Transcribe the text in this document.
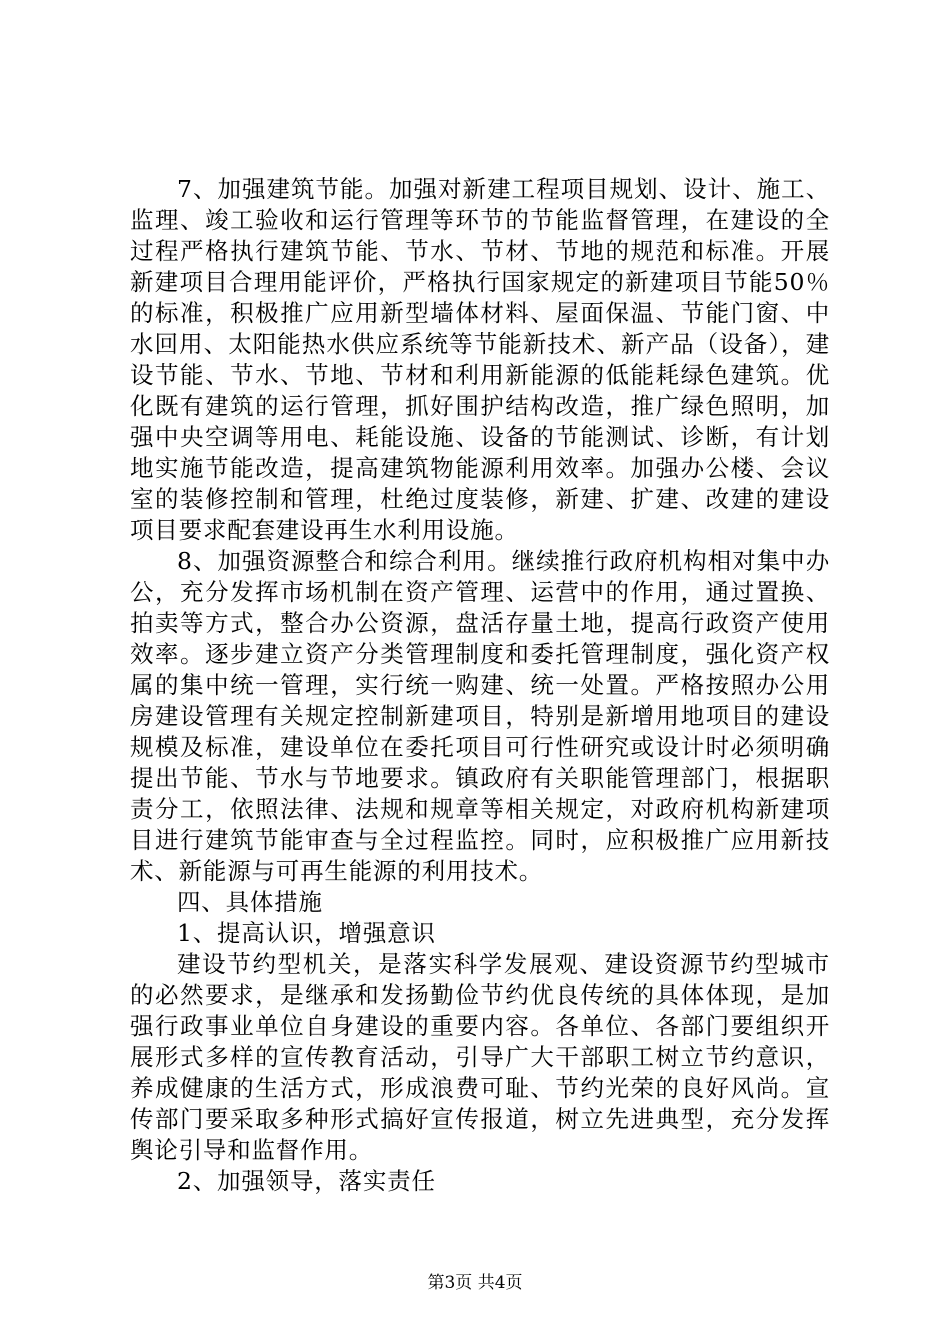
7、加强建筑节能。加强对新建工程项目规划、设计、施工、监理、竣工验收和运行管理等环节的节能监督管理，在建设的全过程严格执行建筑节能、节水、节材、节地的规范和标准。开展新建项目合理用能评价，严格执行国家规定的新建项目节能50％的标准，积极推广应用新型墙体材料、屋面保温、节能门窗、中水回用、太阳能热水供应系统等节能新技术、新产品（设备），建设节能、节水、节地、节材和利用新能源的低能耗绿色建筑。优化既有建筑的运行管理，抓好围护结构改造，推广绿色照明，加强中央空调等用电、耗能设施、设备的节能测试、诊断，有计划地实施节能改造，提高建筑物能源利用效率。加强办公楼、会议室的装修控制和管理，杜绝过度装修，新建、扩建、改建的建设项目要求配套建设再生水利用设施。

8、加强资源整合和综合利用。继续推行政府机构相对集中办公，充分发挥市场机制在资产管理、运营中的作用，通过置换、拍卖等方式，整合办公资源，盘活存量土地，提高行政资产使用效率。逐步建立资产分类管理制度和委托管理制度，强化资产权属的集中统一管理，实行统一购建、统一处置。严格按照办公用房建设管理有关规定控制新建项目，特别是新增用地项目的建设规模及标准，建设单位在委托项目可行性研究或设计时必须明确提出节能、节水与节地要求。镇政府有关职能管理部门，根据职责分工，依照法律、法规和规章等相关规定，对政府机构新建项目进行建筑节能审查与全过程监控。同时，应积极推广应用新技术、新能源与可再生能源的利用技术。

四、具体措施

1、提高认识，增强意识

建设节约型机关，是落实科学发展观、建设资源节约型城市的必然要求，是继承和发扬勤俭节约优良传统的具体体现，是加强行政事业单位自身建设的重要内容。各单位、各部门要组织开展形式多样的宣传教育活动，引导广大干部职工树立节约意识，养成健康的生活方式，形成浪费可耻、节约光荣的良好风尚。宣传部门要采取多种形式搞好宣传报道，树立先进典型，充分发挥舆论引导和监督作用。

2、加强领导，落实责任

第3页 共4页
